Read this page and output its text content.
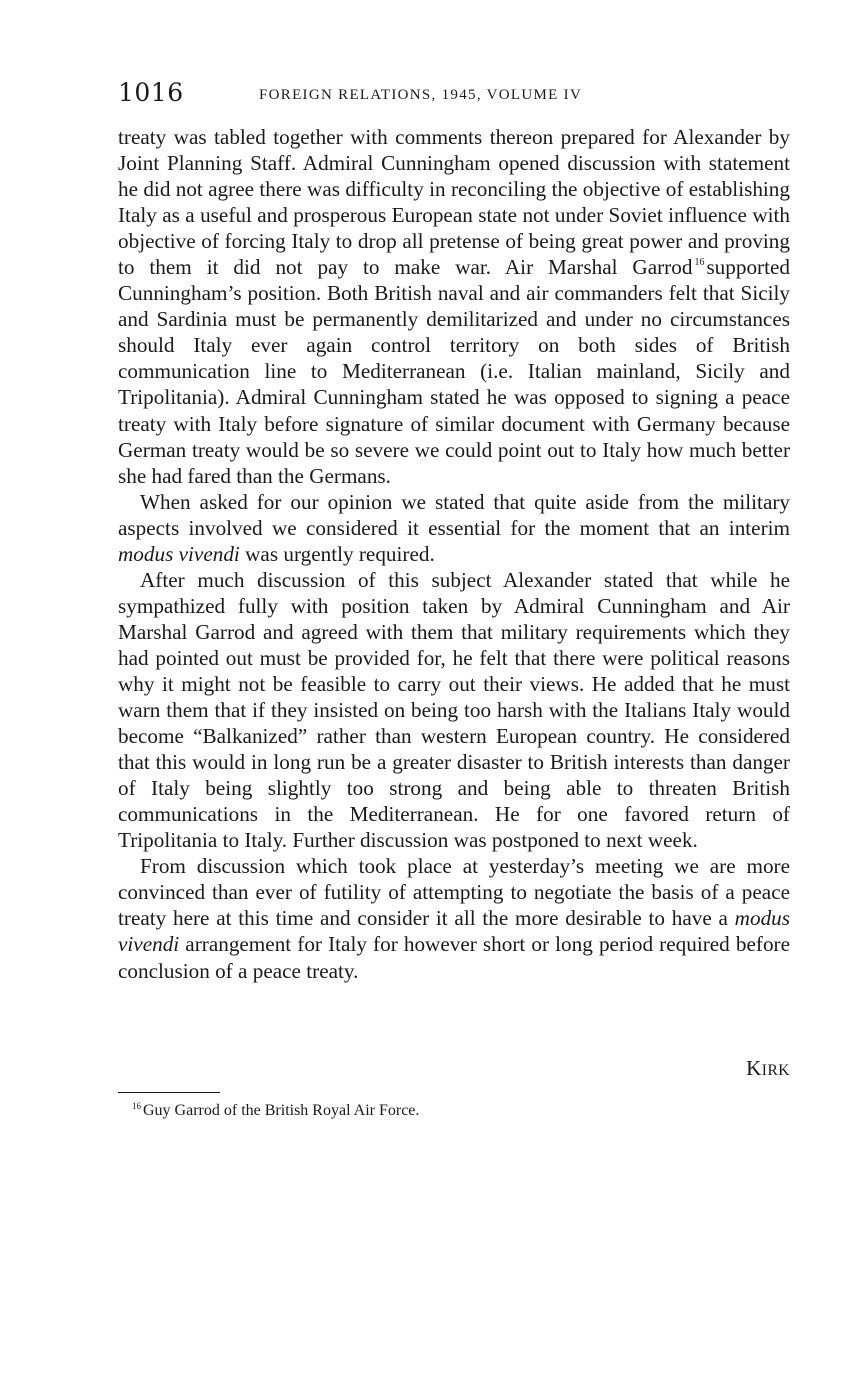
1016	FOREIGN RELATIONS, 1945, VOLUME IV

treaty was tabled together with comments thereon prepared for Alexander by Joint Planning Staff. Admiral Cunningham opened discussion with statement he did not agree there was difficulty in reconciling the objective of establishing Italy as a useful and prosperous European state not under Soviet influence with objective of forcing Italy to drop all pretense of being great power and proving to them it did not pay to make war. Air Marshal Garrod $^{16}$supported Cunningham’s position. Both British naval and air commanders felt that Sicily and Sardinia must be permanently demilitarized and under no circumstances should Italy ever again control territory on both sides of British communication line to Mediterranean (i.e. Italian mainland, Sicily and Tripolitania). Admiral Cunningham stated he was opposed to signing a peace treaty with Italy before signature of similar document with Germany because German treaty would be so severe we could point out to Italy how much better she had fared than the Germans.

When asked for our opinion we stated that quite aside from the military aspects involved we considered it essential for the moment that an interim modus vivendi was urgently required.

After much discussion of this subject Alexander stated that while he sympathized fully with position taken by Admiral Cunningham and Air Marshal Garrod and agreed with them that military requirements which they had pointed out must be provided for, he felt that there were political reasons why it might not be feasible to carry out their views. He added that he must warn them that if they insisted on being too harsh with the Italians Italy would become “Balkanized” rather than western European country. He considered that this would in long run be a greater disaster to British interests than danger of Italy being slightly too strong and being able to threaten British communications in the Mediterranean. He for one favored return of Tripolitania to Italy. Further discussion was postponed to next week.

From discussion which took place at yesterday’s meeting we are more convinced than ever of futility of attempting to negotiate the basis of a peace treaty here at this time and consider it all the more desirable to have a modus vivendi arrangement for Italy for however short or long period required before conclusion of a peace treaty.

KIRK
$^{16}$ Guy Garrod of the British Royal Air Force.
